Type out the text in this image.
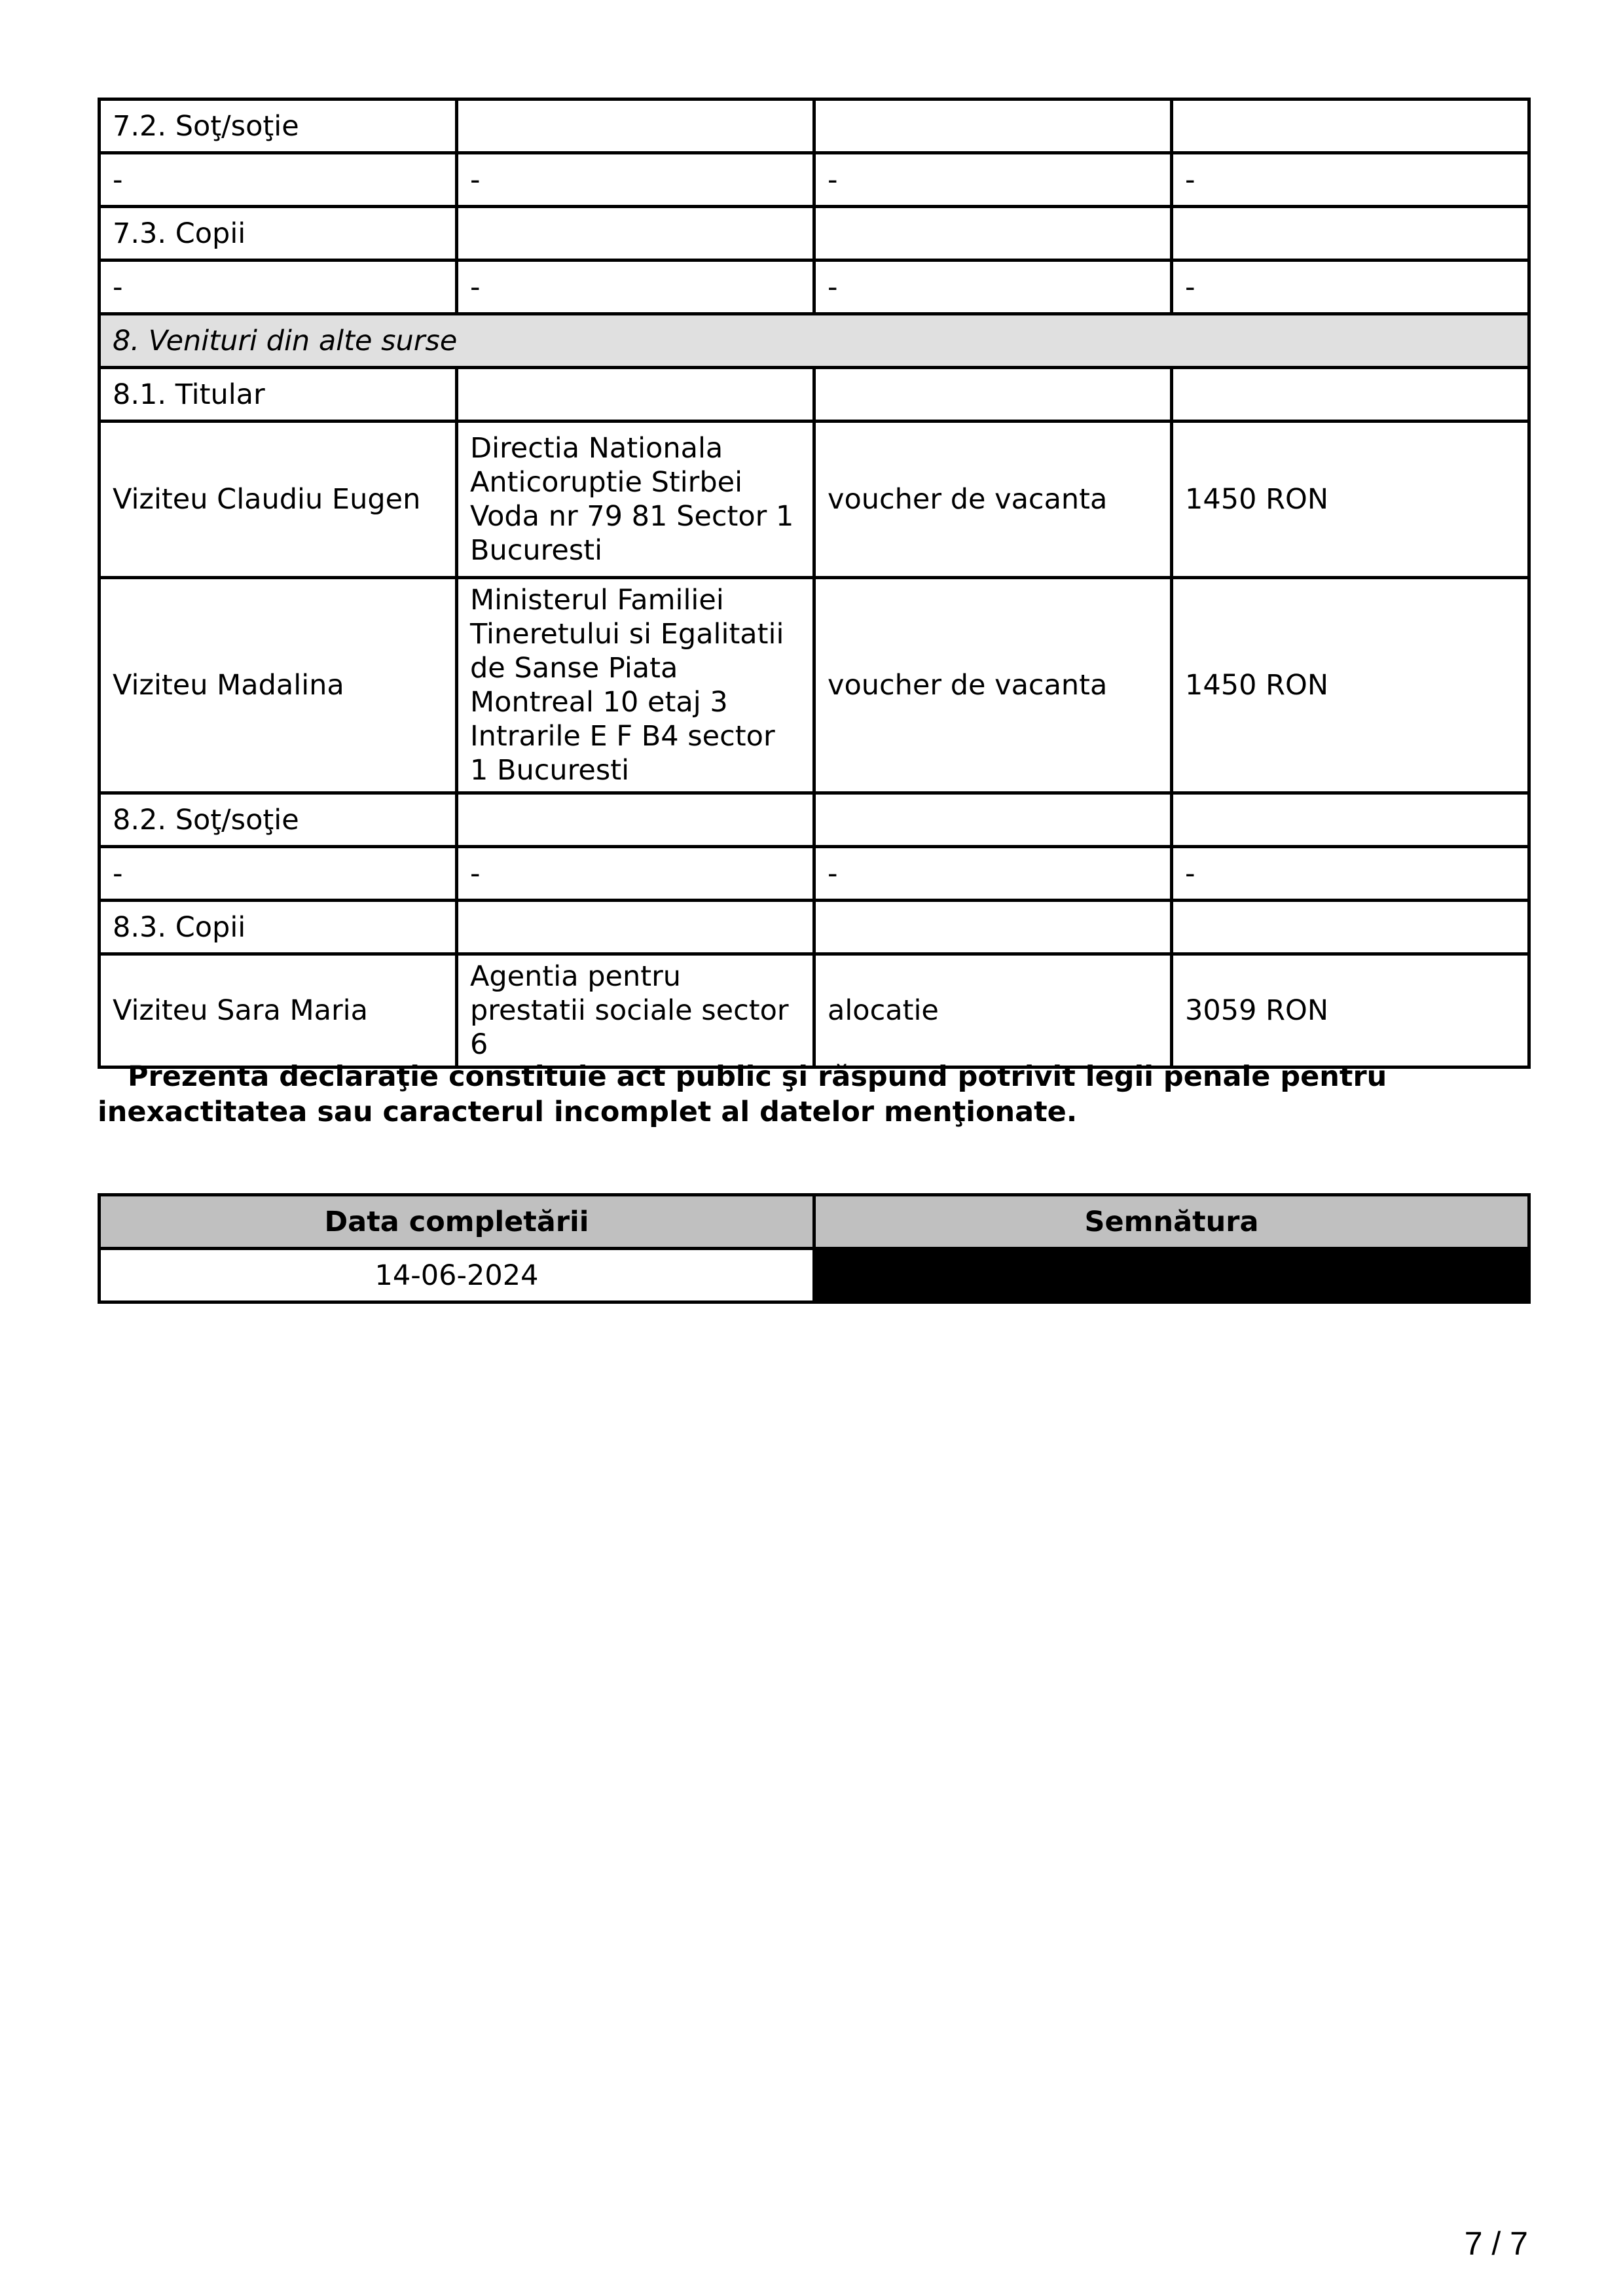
7.2. Soţ/soţie			
-	-	-	-
7.3. Copii			
-	-	-	-
8. Venituri din alte surse			
8.1. Titular			
Viziteu Claudiu Eugen	Directia Nationala Anticoruptie Stirbei Voda nr 79 81 Sector 1 Bucuresti	voucher de vacanta	1450 RON
Viziteu Madalina	Ministerul Familiei Tineretului si Egalitatii de Sanse Piata Montreal 10 etaj 3 Intrarile E F B4 sector 1 Bucuresti	voucher de vacanta	1450 RON
8.2. Soţ/soţie			
-	-	-	-
8.3. Copii			
Viziteu Sara Maria	Agentia pentru prestatii sociale sector 6	alocatie	3059 RON

Prezenta declaraţie constituie act public şi răspund potrivit legii penale pentru inexactitatea sau caracterul incomplet al datelor menţionate.

Data completării	Semnătura
14-06-2024	
7 / 7
